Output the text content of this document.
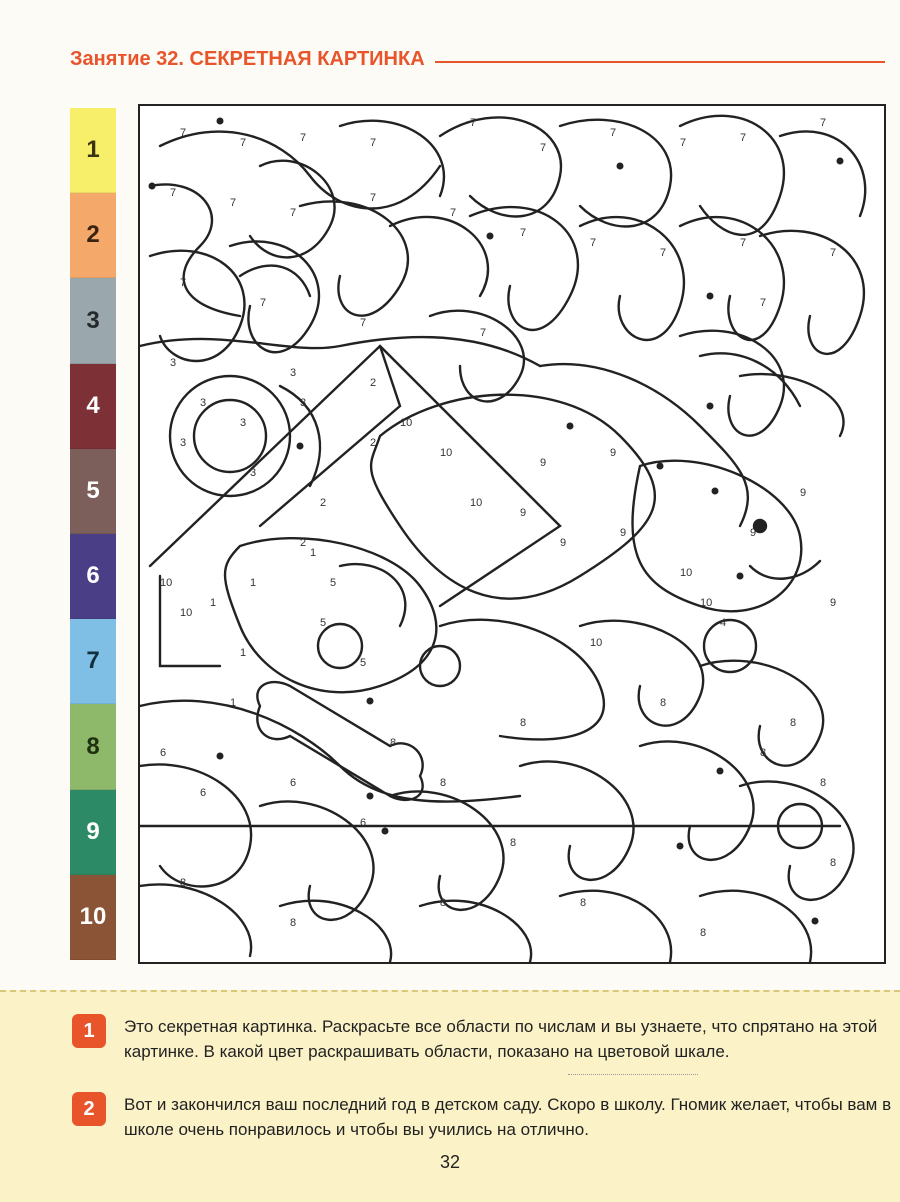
Занятие 32. СЕКРЕТНАЯ КАРТИНКА
1
2
3
4
5
6
7
8
9
10
7
7	7	7
7
7
7
7	7
7
7
7
7
7
7
7
7
7
7
7
7
7
7
7
7
3
3
3
3
3
3
3
2
2
2
2
10
10
10
10
10
1
1
1
1
1
5
5
5
9
9
9
9
9	9
9
9
10
10
10
4
6
6
6
6
8
8
8
8
8
8
8
8	8
8
8
8
8
8
1	Это секретная картинка. Раскрасьте все области по числам и вы узнаете, что спрятано на этой картинке. В какой цвет раскрашивать области, показано на цветовой шкале.
2	Вот и закончился ваш последний год в детском саду. Скоро в школу. Гномик желает, чтобы вам в школе очень понравилось и чтобы вы учились на отлично.
32
